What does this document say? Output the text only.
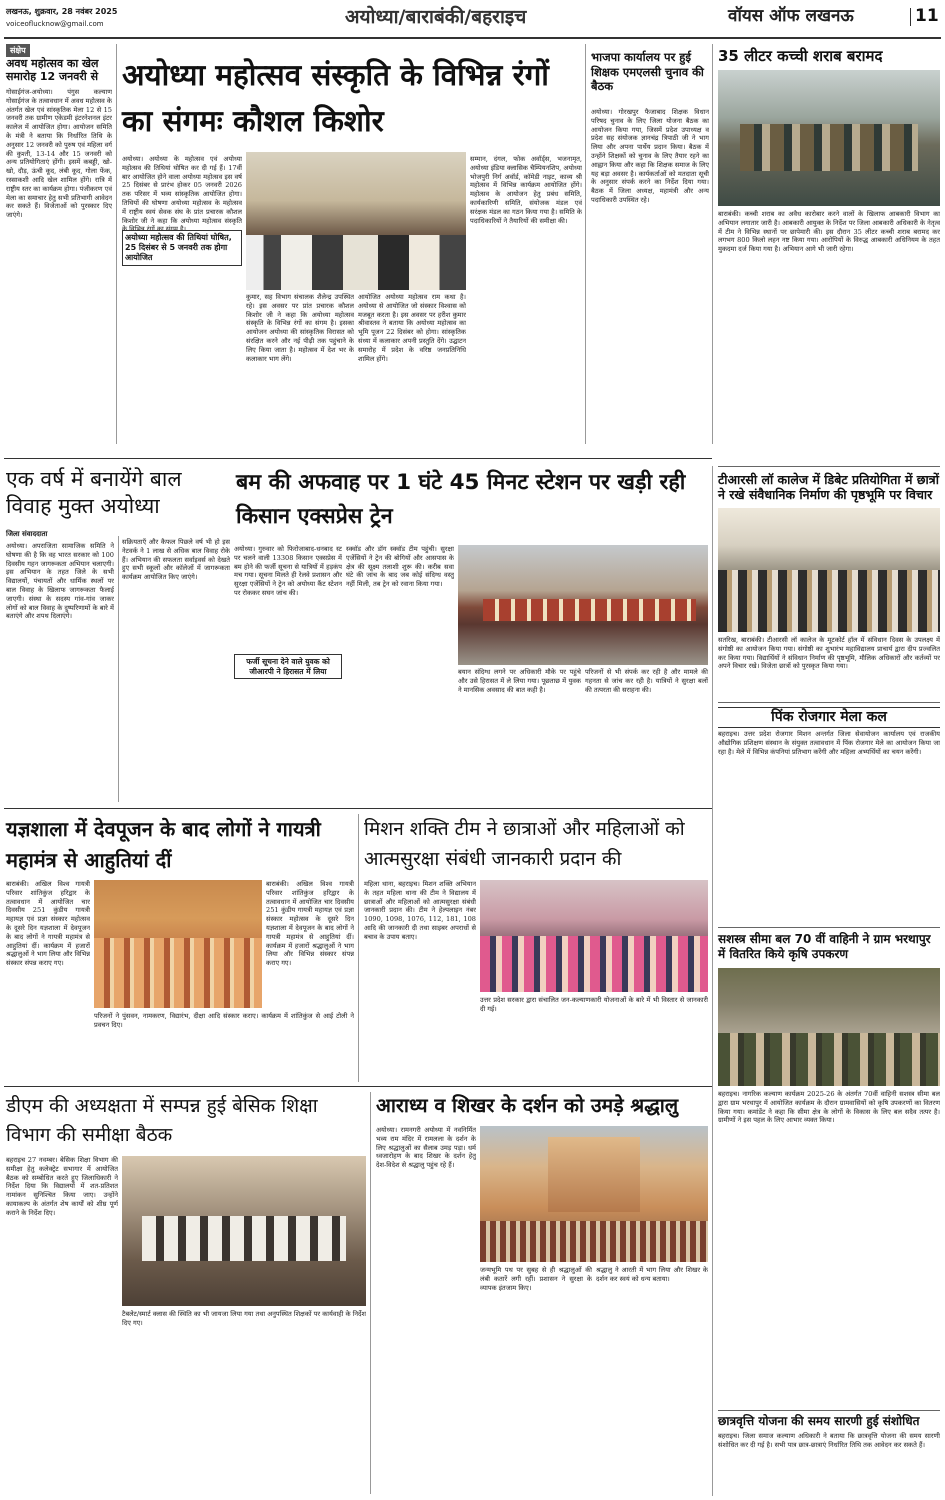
लखनऊ, शुक्रवार, 28 नवंबर 2025
voiceoflucknow@gmail.com	अयोध्या/बाराबंकी/बहराइच	वॉयस ऑफ लखनऊ	11
संक्षेप
अवध महोत्सव का खेल समारोह 12 जनवरी से
गोसाईगंज-अयोध्या। पंगुस कल्याण गोसाईगंज के तत्वावधान में अवध महोत्सव के अंतर्गत खेल एवं सांस्कृतिक मेला 12 से 15 जनवरी तक ग्रामीण एकेडमी इंटरनेशनल इंटर कालेज में आयोजित होगा। आयोजन समिति के मंत्री ने बताया कि निर्धारित तिथि के अनुसार 12 जनवरी को पुरुष एवं महिला वर्ग की कुश्ती, 13-14 और 15 जनवरी को अन्य प्रतियोगिताएं होंगी। इसमें कबड्डी, खो-खो, दौड़, ऊंची कूद, लंबी कूद, गोला फेंक, रस्साकशी आदि खेल शामिल होंगे। रात्रि में राष्ट्रीय स्तर का कार्यक्रम होगा। पंजीकरण एवं मेला का समाचार हेतु सभी प्रतिभागी आवेदन कर सकते हैं। विजेताओं को पुरस्कार दिए जाएंगे।
अयोध्या महोत्सव संस्कृति के विभिन्न रंगों का संगमः कौशल किशोर
अयोध्या। अयोध्या के महोत्सव एवं अयोध्या महोत्सव की तिथियां घोषित कर दी गई हैं। 17वीं बार आयोजित होने वाला अयोध्या महोत्सव इस वर्ष 25 दिसंबर से प्रारंभ होकर 05 जनवरी 2026 तक परिसर में भव्य सांस्कृतिक आयोजित होगा। तिथियों की घोषणा अयोध्या महोत्सव के महोत्सव में राष्ट्रीय स्वयं सेवक संघ के प्रांत प्रचारक कौशल किशोर जी ने कहा कि अयोध्या महोत्सव संस्कृति
अयोध्या महोत्सव की तिथियां घोषित, 25 दिसंबर से 5 जनवरी तक होगा आयोजित
कुमार, सह विभाग संचालक शैलेन्द्र उपस्थित रहे। इस अवसर पर प्रांत प्रचारक कौशल किशोर जी ने कहा कि अयोध्या महोत्सव संस्कृति के विभिन्न रंगों का संगम है। इसका आयोजन अयोध्या की सांस्कृतिक विरासत को संरक्षित करने और नई पीढ़ी तक पहुंचाने के लिए किया जाता है। महोत्सव में देश भर के कलाकार भाग लेंगे।
आयोजित अयोध्या महोत्सव राम कथा है। अयोध्या से आयोजित जो संस्कार विश्वास को मजबूत करता है। इस अवसर पर हरीश कुमार श्रीवास्तव ने बताया कि अयोध्या महोत्सव का भूमि पूजन 22 दिसंबर को होगा। सांस्कृतिक संध्या में कलाकार अपनी प्रस्तुति देंगे। उद्घाटन समारोह में प्रदेश के वरिष्ठ जनप्रतिनिधि शामिल होंगे।
सम्मान, दंगल, फोक अवॉर्ड्स, भजनामृत, अयोध्या इंडिया क्लासिक चैम्पियनशिप, अयोध्या भोजपुरी निर्ग अवॉर्ड, कॉमेडी नाइट, काव्य श्री महोत्सव में विभिन्न कार्यक्रम आयोजित होंगे। महोत्सव के आयोजन हेतु प्रबंध समिति, कार्यकारिणी समिति, संयोजक मंडल एवं सरंक्षक मंडल का गठन किया गया है। समिति के पदाधिकारियों ने तैयारियों की समीक्षा की।
भाजपा कार्यालय पर हुई शिक्षक एमएलसी चुनाव की बैठक
अयोध्या। गोरखपुर फैजाबाद शिक्षक विधान परिषद चुनाव के लिए जिला योजना बैठक का आयोजन किया गया, जिसमें प्रदेश उपाध्यक्ष व प्रदेश सह संयोजक ज्ञानचंद्र त्रिपाठी जी ने भाग लिया और अपना पार्थेय प्रदान किया। बैठक में उन्होंने शिक्षकों को चुनाव के लिए तैयार रहने का आह्वान किया और कहा कि शिक्षक समाज के लिए यह बड़ा अवसर है। कार्यकर्ताओं को मतदाता सूची के अनुसार संपर्क करने का निर्देश दिया गया। बैठक में जिला अध्यक्ष, महामंत्री और अन्य पदाधिकारी उपस्थित रहे।
35 लीटर कच्ची शराब बरामद
बाराबंकी। कच्ची शराब का अवैध कारोबार करने वालों के खिलाफ आबकारी विभाग का अभियान लगातार जारी है। आबकारी आयुक्त के निर्देश पर जिला आबकारी अधिकारी के नेतृत्व में टीम ने विभिन्न स्थानों पर छापेमारी की। इस दौरान 35 लीटर कच्ची शराब बरामद कर लगभग 800 किलो लहन नष्ट किया गया। आरोपियों के विरुद्ध आबकारी अधिनियम के तहत मुकदमा दर्ज किया गया है। अभियान आगे भी जारी रहेगा।
टीआरसी लॉ कालेज में डिबेट प्रतियोगिता में छात्रों ने रखे संवैधानिक निर्माण की पृष्ठभूमि पर विचार
सतरिख, बाराबंकी। टीआरसी लॉ कालेज के मूटकोर्ट हॉल में संविधान दिवस के उपलक्ष्य में संगोष्ठी का आयोजन किया गया। संगोष्ठी का शुभारंभ महाविद्यालय प्राचार्य द्वारा दीप प्रज्वलित कर किया गया। विद्यार्थियों ने संविधान निर्माण की पृष्ठभूमि, मौलिक अधिकारों और कर्तव्यों पर अपने विचार रखे। विजेता छात्रों को पुरस्कृत किया गया।
पिंक रोजगार मेला कल
बहराइच। उत्तर प्रदेश रोजगार मिशन अन्तर्गत जिला सेवायोजन कार्यालय एवं राजकीय औद्योगिक प्रशिक्षण संस्थान के संयुक्त तत्वावधान में पिंक रोजगार मेले का आयोजन किया जा रहा है। मेले में विभिन्न कंपनियां प्रतिभाग करेंगी और महिला अभ्यर्थियों का चयन करेंगी।
सशस्त्र सीमा बल 70 वीं वाहिनी ने ग्राम भरथापुर में वितरित किये कृषि उपकरण
बहराइच। नागरिक कल्याण कार्यक्रम 2025-26 के अंतर्गत 70वीं वाहिनी सशस्त्र सीमा बल द्वारा ग्राम भरथापुर में आयोजित कार्यक्रम के दौरान ग्रामवासियों को कृषि उपकरणों का वितरण किया गया। कमांडेंट ने कहा कि सीमा क्षेत्र के लोगों के विकास के लिए बल सदैव तत्पर है। ग्रामीणों ने इस पहल के लिए आभार व्यक्त किया।
छात्रवृत्ति योजना की समय सारणी हुई संशोधित
बहराइच। जिला समाज कल्याण अधिकारी ने बताया कि छात्रवृत्ति योजना की समय सारणी संशोधित कर दी गई है। सभी पात्र छात्र-छात्राएं निर्धारित तिथि तक आवेदन कर सकते हैं।
एक वर्ष में बनायेंगे बाल विवाह मुक्त अयोध्या
जिला संवाददाता
अयोध्या। अपराजिता सामाजिक समिति ने घोषणा की है कि वह भारत सरकार को 100 दिवसीय गहन जागरूकता अभियान चलाएगी। इस अभियान के तहत जिले के सभी विद्यालयों, पंचायतों और धार्मिक स्थलों पर बाल विवाह के खिलाफ जागरूकता फैलाई जाएगी। संस्था के सदस्य गांव-गांव जाकर लोगों को बाल विवाह के दुष्परिणामों के बारे में बताएंगे और शपथ दिलाएंगे।
बम की अफवाह पर 1 घंटे 45 मिनट स्टेशन पर खड़ी रही किसान एक्सप्रेस ट्रेन
सक्रियताएँ और कैफल पिछले वर्ष भी हो इस नेटवर्क ने 1 लाख से अधिक बाल विवाह रोके हैं। अभियान की सफलता सर्वाइवर्स को देखते हुए सभी स्कूलों और कॉलेजों में जागरूकता कार्यक्रम आयोजित किए जाएंगे।
अयोध्या। गुरुवार को फिरोजाबाद-धनबाद स्ट पर चलने वाली 13308 किसान एक्सप्रेस में बम होने की फर्जी सूचना से यात्रियों में हड़कंप मच गया। सूचना मिलते ही रेलवे प्रशासन और सुरक्षा एजेंसियों ने ट्रेन को अयोध्या कैंट स्टेशन पर रोककर सघन जांच की।
फर्जी सूचना देने वाले युवक को जीआरपी ने हिरासत में लिया
स्क्वॉड और डॉग स्क्वॉड टीम पहुंची। सुरक्षा एजेंसियों ने ट्रेन की बोगियों और आसपास के क्षेत्र की सूक्ष्म तलाशी शुरू की। करीब सवा घंटे की जांच के बाद जब कोई संदिग्ध वस्तु नहीं मिली, तब ट्रेन को रवाना किया गया।
बयान संदिग्ध लगने पर अधिकारी मौके पर पहुंचे और उसे हिरासत में ले लिया गया। पूछताछ में युवक ने मानसिक अवसाद की बात कही है।
परिजनों से भी संपर्क कर रही है और मामले की गहनता से जांच कर रही है। यात्रियों ने सुरक्षा बलों की तत्परता की सराहना की।
यज्ञशाला में देवपूजन के बाद लोगों ने गायत्री महामंत्र से आहुतियां दीं
बाराबंकी। अखिल विश्व गायत्री परिवार शांतिकुंज हरिद्वार के तत्वावधान में आयोजित चार दिवसीय 251 कुंडीय गायत्री महायज्ञ एवं प्रज्ञा संस्कार महोत्सव के दूसरे दिन यज्ञशाला में देवपूजन के बाद लोगों ने गायत्री महामंत्र से आहुतियां दीं। कार्यक्रम में हजारों श्रद्धालुओं ने भाग लिया और विभिन्न संस्कार संपन्न कराए गए।
परिजनों ने पुंसवन, नामकरण, विद्यारंभ, दीक्षा आदि संस्कार कराए। कार्यक्रम में शांतिकुंज से आई टोली ने प्रवचन दिए।
बाराबंकी। अखिल विश्व गायत्री परिवार शांतिकुंज हरिद्वार के तत्वावधान में आयोजित चार दिवसीय 251 कुंडीय गायत्री महायज्ञ एवं प्रज्ञा संस्कार महोत्सव के दूसरे दिन यज्ञशाला में देवपूजन के बाद लोगों ने गायत्री महामंत्र से आहुतियां दीं। कार्यक्रम में हजारों श्रद्धालुओं ने भाग लिया और विभिन्न संस्कार संपन्न कराए गए।
मिशन शक्ति टीम ने छात्राओं और महिलाओं को आत्मसुरक्षा संबंधी जानकारी प्रदान की
महिला थाना, बहराइच। मिशन शक्ति अभियान के तहत महिला थाना की टीम ने विद्यालय में छात्राओं और महिलाओं को आत्मसुरक्षा संबंधी जानकारी प्रदान की। टीम ने हेल्पलाइन नंबर 1090, 1098, 1076, 112, 181, 108 आदि की जानकारी दी तथा साइबर अपराधों से बचाव के उपाय बताए।
उत्तर प्रदेश सरकार द्वारा संचालित जन-कल्याणकारी योजनाओं के बारे में भी विस्तार से जानकारी दी गई।
डीएम की अध्यक्षता में सम्पन्न हुई बेसिक शिक्षा विभाग की समीक्षा बैठक
बहराइच 27 नवम्बर। बेसिक शिक्षा विभाग की समीक्षा हेतु कलेक्ट्रेट सभागार में आयोजित बैठक को सम्बोधित करते हुए जिलाधिकारी ने निर्देश दिया कि विद्यालयों में शत-प्रतिशत नामांकन सुनिश्चित किया जाए। उन्होंने कायाकल्प के अंतर्गत शेष कार्यों को शीघ्र पूर्ण कराने के निर्देश दिए।
टैबलेट/स्मार्ट क्लास की स्थिति का भी जायजा लिया गया तथा अनुपस्थित शिक्षकों पर कार्यवाही के निर्देश दिए गए।
आराध्य व शिखर के दर्शन को उमड़े श्रद्धालु
अयोध्या। रामनगरी अयोध्या में नवनिर्मित भव्य राम मंदिर में रामलला के दर्शन के लिए श्रद्धालुओं का सैलाब उमड़ पड़ा। धर्म ध्वजारोहण के बाद शिखर के दर्शन हेतु देश-विदेश से श्रद्धालु पहुंच रहे हैं।
जन्मभूमि पथ पर सुबह से ही श्रद्धालुओं की लंबी कतारें लगी रहीं। प्रशासन ने सुरक्षा के व्यापक इंतजाम किए।
श्रद्धालु ने आरती में भाग लिया और शिखर के दर्शन कर स्वयं को धन्य बताया।
